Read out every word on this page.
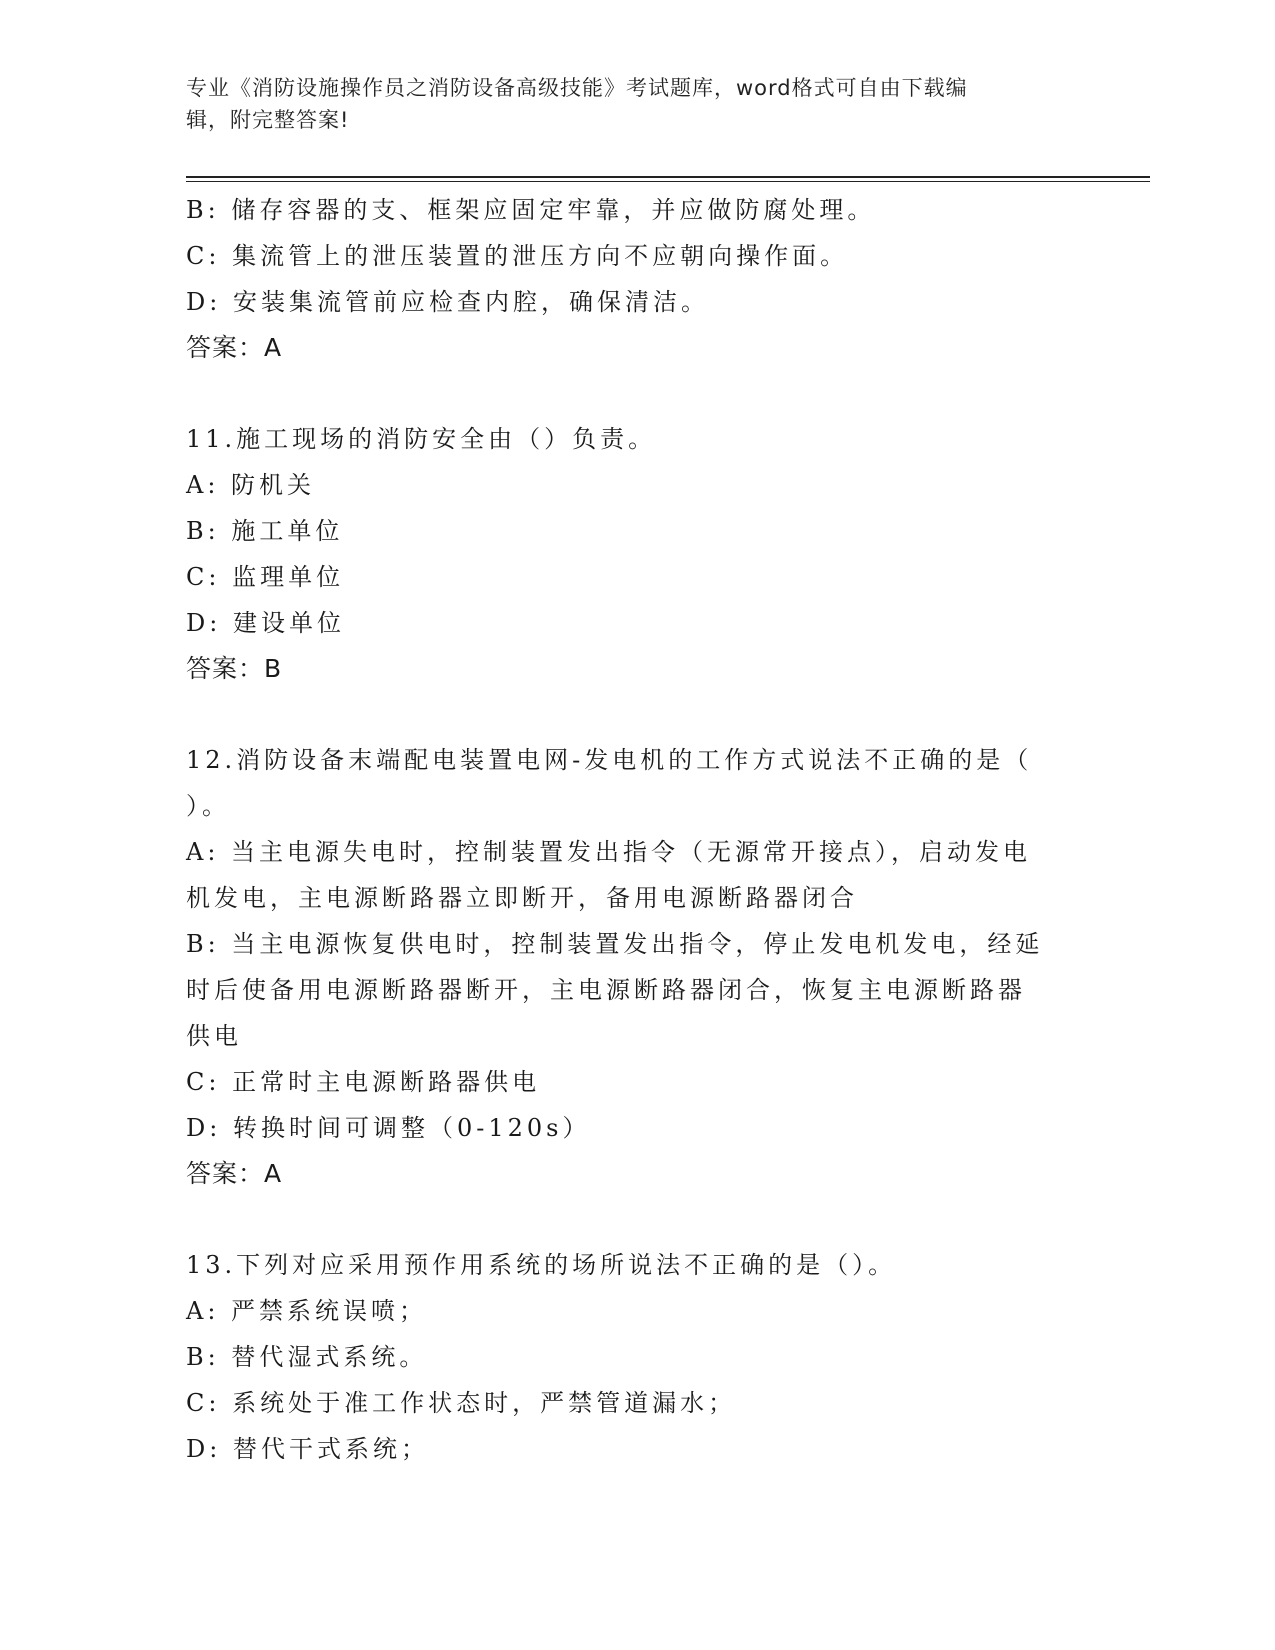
专业《消防设施操作员之消防设备高级技能》考试题库，word格式可自由下载编
辑，附完整答案!
B: 储存容器的支、框架应固定牢靠，并应做防腐处理。
C: 集流管上的泄压装置的泄压方向不应朝向操作面。
D: 安装集流管前应检查内腔，确保清洁。
答案：A
11.施工现场的消防安全由（）负责。
A: 防机关
B: 施工单位
C: 监理单位
D: 建设单位
答案：B
12.消防设备末端配电装置电网-发电机的工作方式说法不正确的是（
）。
A: 当主电源失电时，控制装置发出指令（无源常开接点），启动发电
机发电，主电源断路器立即断开，备用电源断路器闭合
B: 当主电源恢复供电时，控制装置发出指令，停止发电机发电，经延
时后使备用电源断路器断开，主电源断路器闭合，恢复主电源断路器
供电
C: 正常时主电源断路器供电
D: 转换时间可调整（0-120s）
答案：A
13.下列对应采用预作用系统的场所说法不正确的是（）。
A: 严禁系统误喷；
B: 替代湿式系统。
C: 系统处于准工作状态时，严禁管道漏水；
D: 替代干式系统；
